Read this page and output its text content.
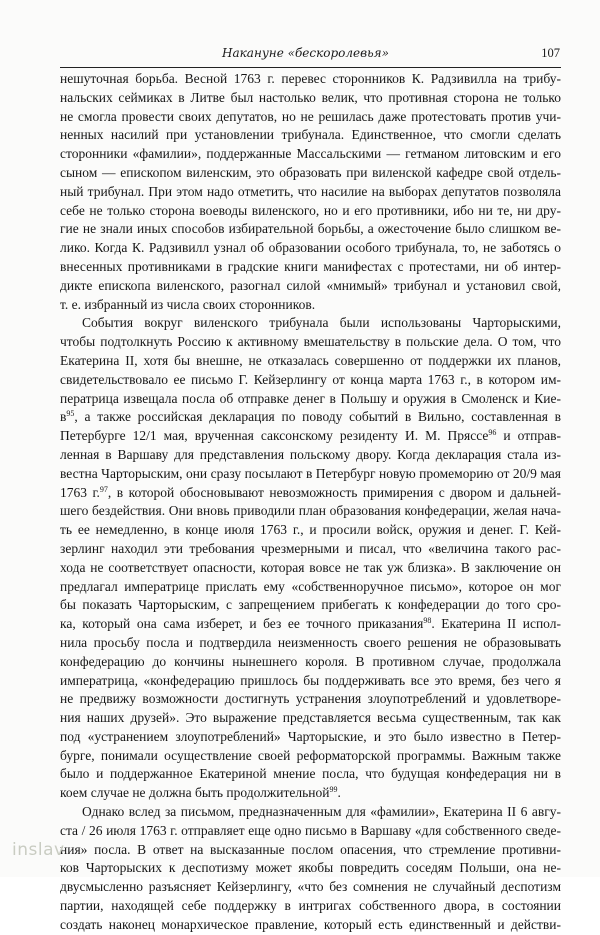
Накануне «бескоролевья»	107
нешуточная борьба. Весной 1763 г. перевес сторонников К. Радзивилла на трибу-
нальских сеймиках в Литве был настолько велик, что противная сторона не только
не смогла провести своих депутатов, но не решилась даже протестовать против учи-
ненных насилий при установлении трибунала. Единственное, что смогли сделать
сторонники «фамилии», поддержанные Массальскими — гетманом литовским и его
сыном — епископом виленским, это образовать при виленской кафедре свой отдель-
ный трибунал. При этом надо отметить, что насилие на выборах депутатов позволяла
себе не только сторона воеводы виленского, но и его противники, ибо ни те, ни дру-
гие не знали иных способов избирательной борьбы, а ожесточение было слишком ве-
лико. Когда К. Радзивилл узнал об образовании особого трибунала, то, не заботясь о
внесенных противниками в градские книги манифестах с протестами, ни об интер-
дикте епископа виленского, разогнал силой «мнимый» трибунал и установил свой,
т. е. избранный из числа своих сторонников.
События вокруг виленского трибунала были использованы Чарторыскими,
чтобы подтолкнуть Россию к активному вмешательству в польские дела. О том, что
Екатерина II, хотя бы внешне, не отказалась совершенно от поддержки их планов,
свидетельствовало ее письмо Г. Кейзерлингу от конца марта 1763 г., в котором им-
ператрица извещала посла об отправке денег в Польшу и оружия в Смоленск и Кие-
$в^{95}$, а также российская декларация по поводу событий в Вильно, составленная в
Петербурге 12/1 мая, врученная саксонскому резиденту И. М. Пряссе$^{96}$ и отправ-
ленная в Варшаву для представления польскому двору. Когда декларация стала из-
вестна Чарторыским, они сразу посылают в Петербург новую промеморию от 20/9 мая
1763 г.$^{97}$, в которой обосновывают невозможность примирения с двором и дальней-
шего бездействия. Они вновь приводили план образования конфедерации, желая нача-
ть ее немедленно, в конце июля 1763 г., и просили войск, оружия и денег. Г. Кей-
зерлинг находил эти требования чрезмерными и писал, что «величина такого рас-
хода не соответствует опасности, которая вовсе не так уж близка». В заключение он
предлагал императрице прислать ему «собственноручное письмо», которое он мог
бы показать Чарторыским, с запрещением прибегать к конфедерации до того сро-
ка, который она сама изберет, и без ее точного приказания$^{98}$. Екатерина II испол-
нила просьбу посла и подтвердила неизменность своего решения не образовывать
конфедерацию до кончины нынешнего короля. В противном случае, продолжала
императрица, «конфедерацию пришлось бы поддерживать все это время, без чего я
не предвижу возможности достигнуть устранения злоупотреблений и удовлетворе-
ния наших друзей». Это выражение представляется весьма существенным, так как
под «устранением злоупотреблений» Чарторыские, и это было известно в Петер-
бурге, понимали осуществление своей реформаторской программы. Важным также
было и поддержанное Екатериной мнение посла, что будущая конфедерация ни в
коем случае не должна быть продолжительной$^{99}$.
Однако вслед за письмом, предназначенным для «фамилии», Екатерина II 6 авгу-
ста / 26 июля 1763 г. отправляет еще одно письмо в Варшаву «для собственного сведе-
ния» посла. В ответ на высказанные послом опасения, что стремление противни-
ков Чарторыских к деспотизму может якобы повредить соседям Польши, она не-
двусмысленно разъясняет Кейзерлингу, «что без сомнения не случайный деспотизм
партии, находящей себе поддержку в интригах собственного двора, в состоянии
создать наконец монархическое правление, который есть единственный и действи-
inslav
